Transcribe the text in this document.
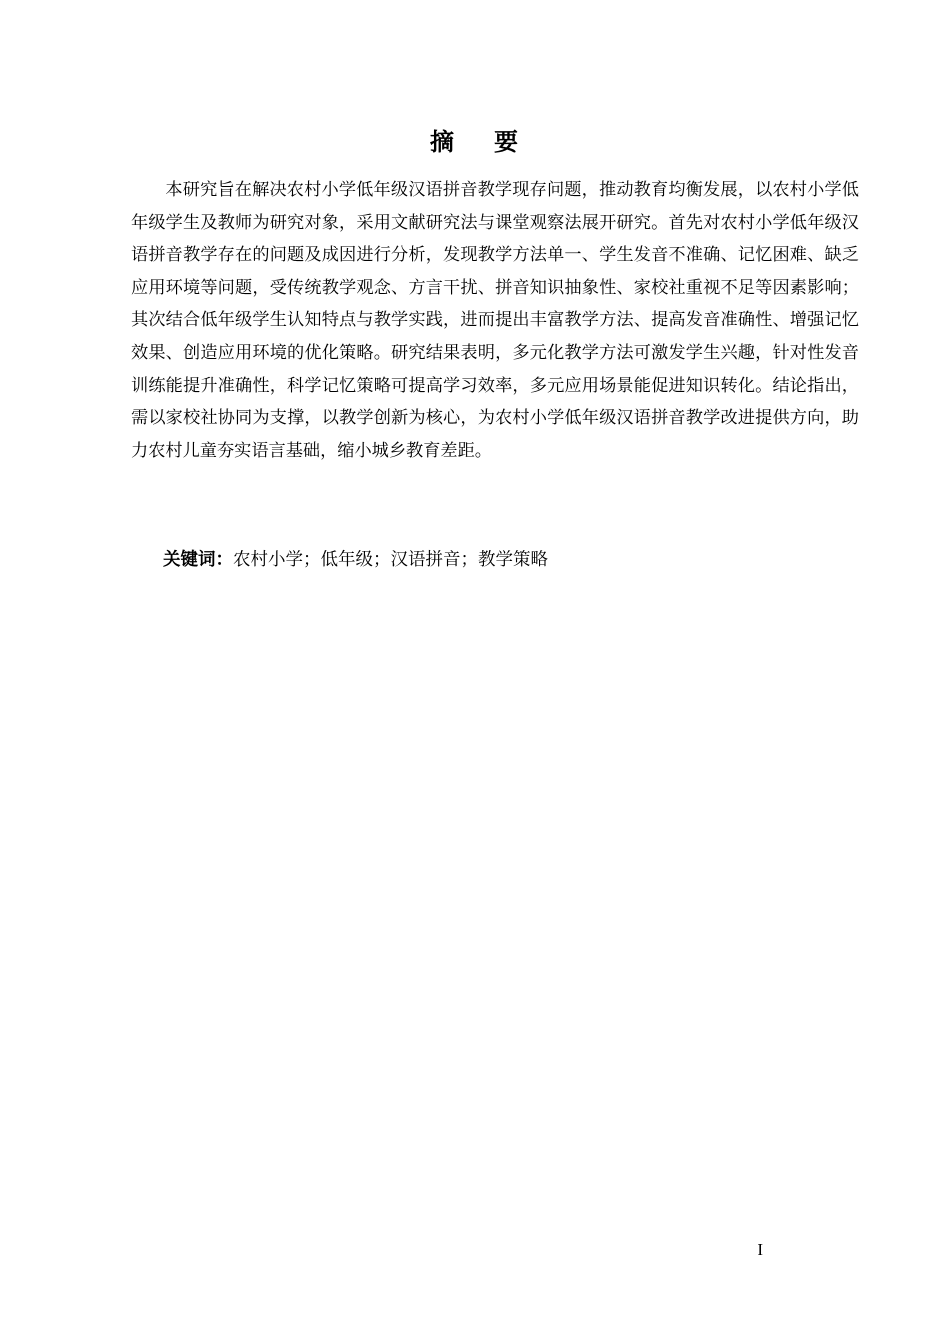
摘 要

本研究旨在解决农村小学低年级汉语拼音教学现存问题，推动教育均衡发展，以农村小学低年级学生及教师为研究对象，采用文献研究法与课堂观察法展开研究。首先对农村小学低年级汉语拼音教学存在的问题及成因进行分析，发现教学方法单一、学生发音不准确、记忆困难、缺乏应用环境等问题，受传统教学观念、方言干扰、拼音知识抽象性、家校社重视不足等因素影响；其次结合低年级学生认知特点与教学实践，进而提出丰富教学方法、提高发音准确性、增强记忆效果、创造应用环境的优化策略。研究结果表明，多元化教学方法可激发学生兴趣，针对性发音训练能提升准确性，科学记忆策略可提高学习效率，多元应用场景能促进知识转化。结论指出，需以家校社协同为支撑，以教学创新为核心，为农村小学低年级汉语拼音教学改进提供方向，助力农村儿童夯实语言基础，缩小城乡教育差距。

关键词：农村小学；低年级；汉语拼音；教学策略
I
